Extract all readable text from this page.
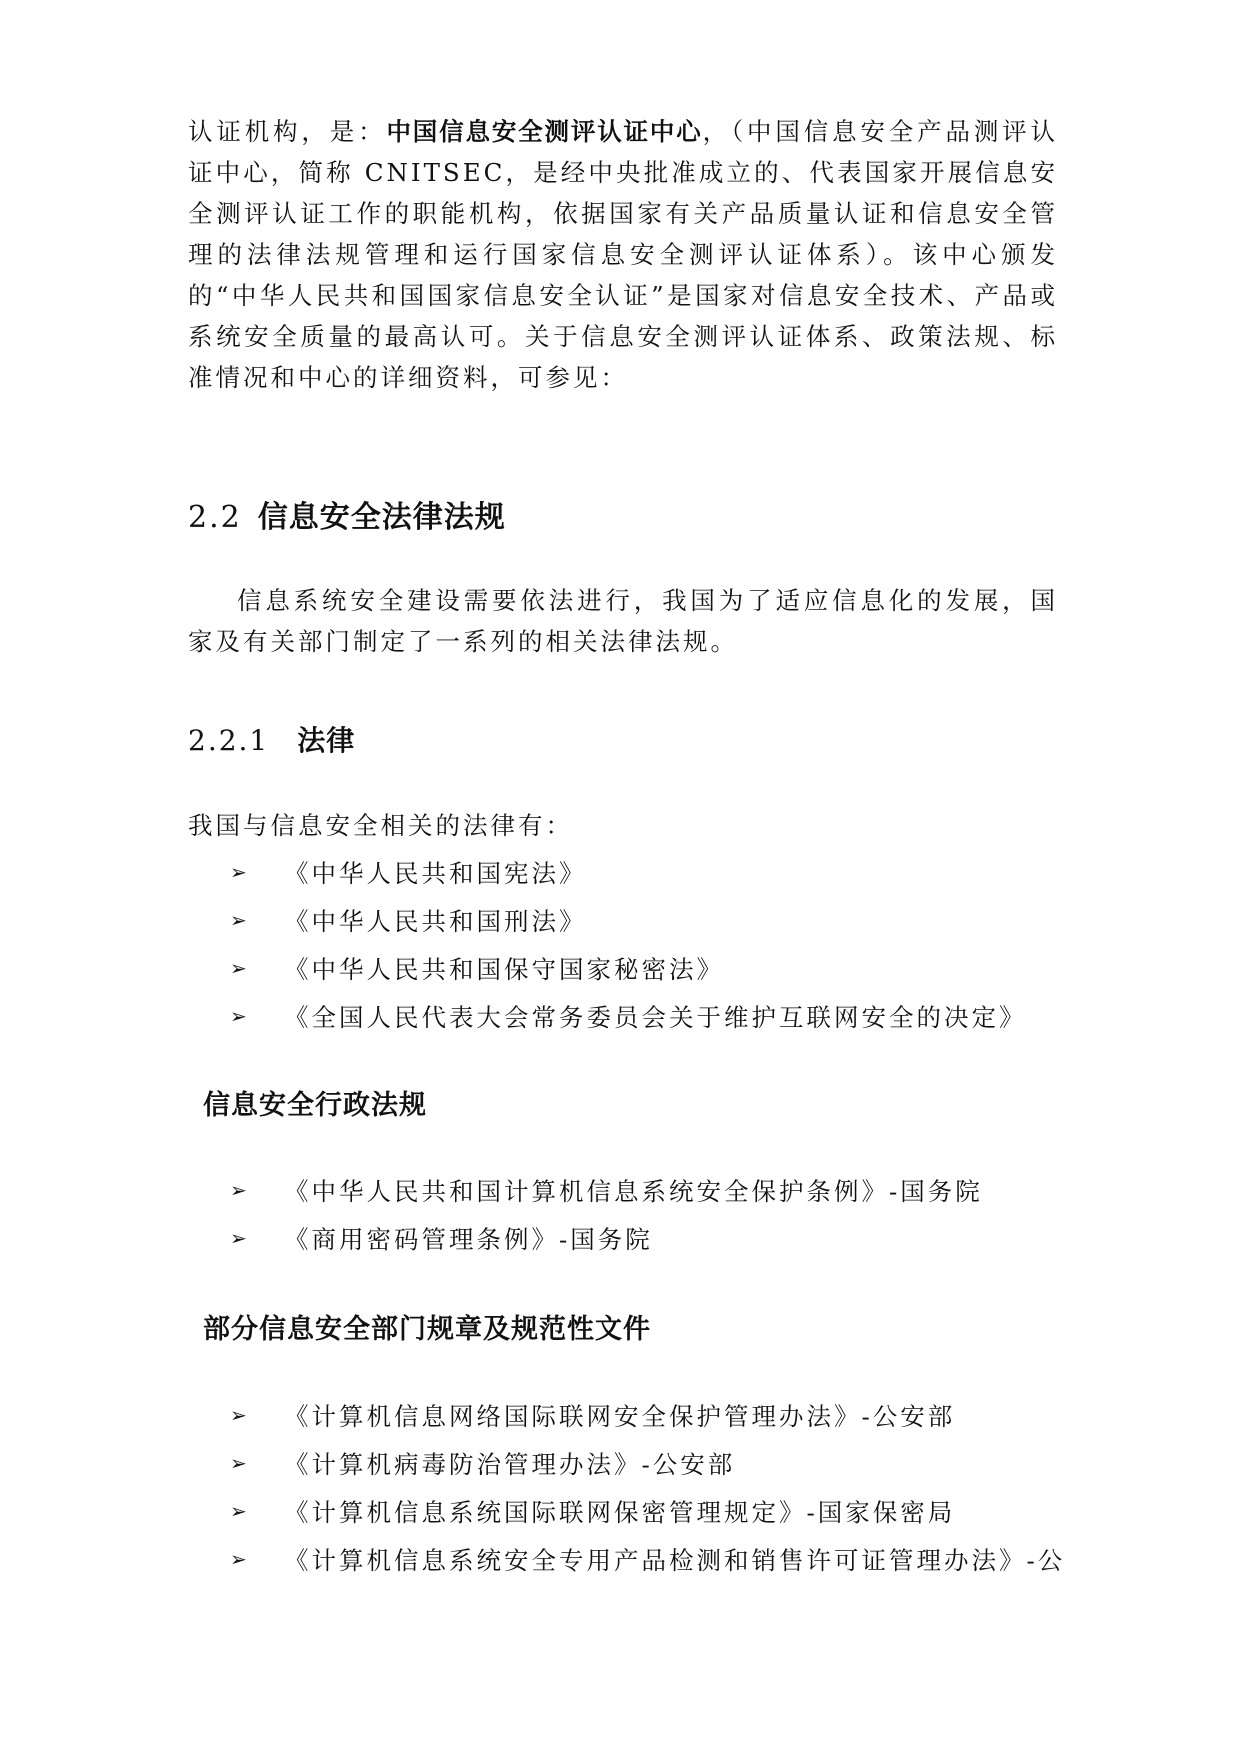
认证机构，是：中国信息安全测评认证中心，（中国信息安全产品测评认证中心，简称 CNITSEC，是经中央批准成立的、代表国家开展信息安全测评认证工作的职能机构，依据国家有关产品质量认证和信息安全管理的法律法规管理和运行国家信息安全测评认证体系）。该中心颁发的“中华人民共和国国家信息安全认证”是国家对信息安全技术、产品或系统安全质量的最高认可。关于信息安全测评认证体系、政策法规、标准情况和中心的详细资料，可参见：

2.2 信息安全法律法规

信息系统安全建设需要依法进行，我国为了适应信息化的发展，国家及有关部门制定了一系列的相关法律法规。

2.2.1 法律

我国与信息安全相关的法律有：

➢	《中华人民共和国宪法》
➢	《中华人民共和国刑法》
➢	《中华人民共和国保守国家秘密法》
➢	《全国人民代表大会常务委员会关于维护互联网安全的决定》
信息安全行政法规
➢	《中华人民共和国计算机信息系统安全保护条例》-国务院
➢	《商用密码管理条例》-国务院
部分信息安全部门规章及规范性文件
➢	《计算机信息网络国际联网安全保护管理办法》-公安部
➢	《计算机病毒防治管理办法》-公安部
➢	《计算机信息系统国际联网保密管理规定》-国家保密局
➢	《计算机信息系统安全专用产品检测和销售许可证管理办法》-公
